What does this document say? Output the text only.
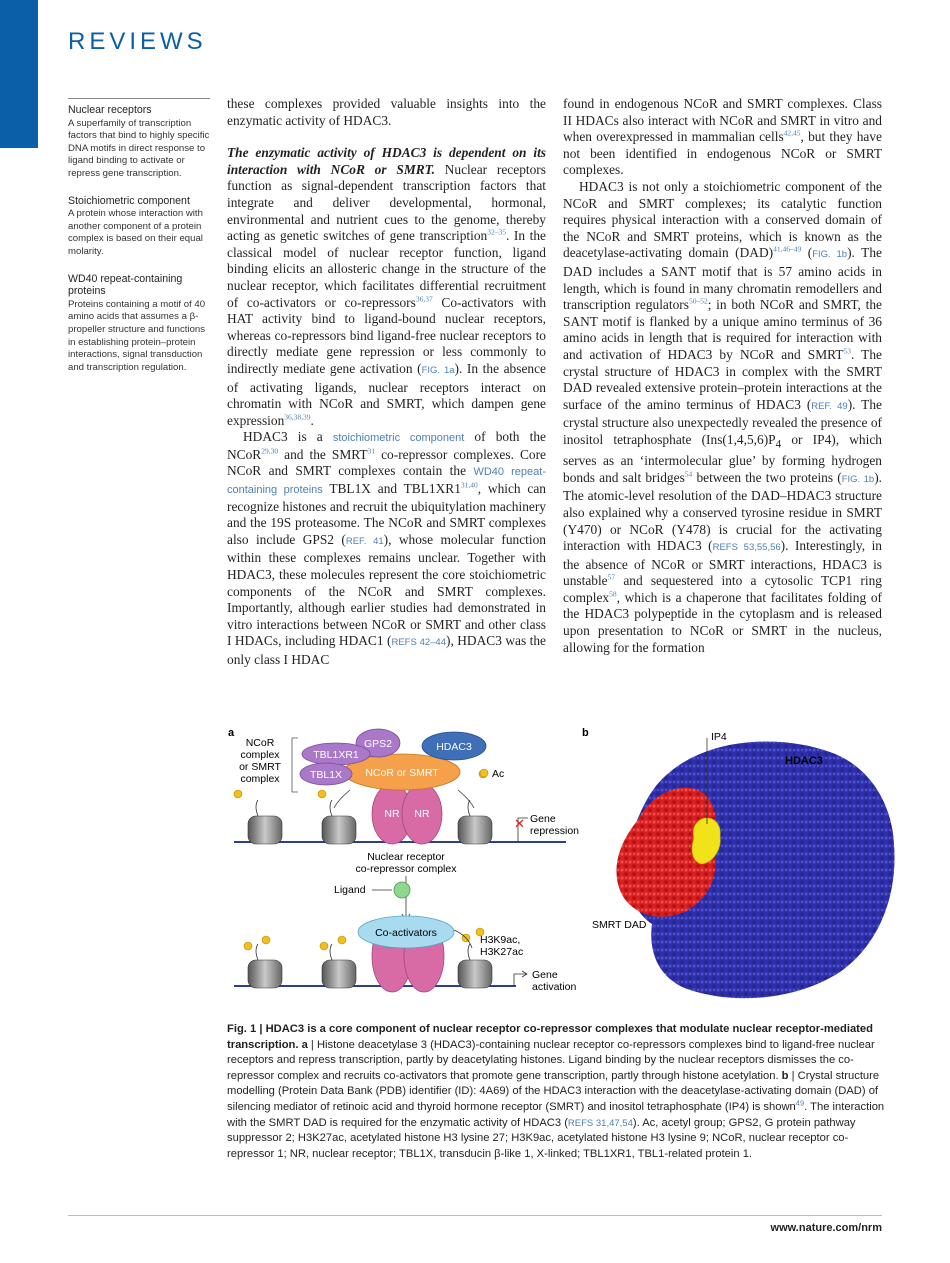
REVIEWS
Nuclear receptors
A superfamily of transcription factors that bind to highly specific DNA motifs in direct response to ligand binding to activate or repress gene transcription.
Stoichiometric component
A protein whose interaction with another component of a protein complex is based on their equal molarity.
WD40 repeat-containing proteins
Proteins containing a motif of 40 amino acids that assumes a β-propeller structure and functions in establishing protein–protein interactions, signal transduction and transcription regulation.

these complexes provided valuable insights into the enzymatic activity of HDAC3.

The enzymatic activity of HDAC3 is dependent on its interaction with NCoR or SMRT. Nuclear receptors function as signal-dependent transcription factors that integrate and deliver developmental, hormonal, environmental and nutrient cues to the genome, thereby acting as genetic switches of gene transcription$^{32-35}$. In the classical model of nuclear receptor function, ligand binding elicits an allosteric change in the structure of the nuclear receptor, which facilitates differential recruitment of co-activators or co-repressors$^{36,37}$ Co-activators with HAT activity bind to ligand-bound nuclear receptors, whereas co-repressors bind ligand-free nuclear receptors to directly mediate gene repression or less commonly to indirectly mediate gene activation (FIG. 1a). In the absence of activating ligands, nuclear receptors interact on chromatin with NCoR and SMRT, which dampen gene expression$^{36,38,39}$.

HDAC3 is a stoichiometric component of both the NCoR$^{29,30}$ and the SMRT$^{31}$ co-repressor complexes. Core NCoR and SMRT complexes contain the WD40 repeat-containing proteins TBL1X and TBL1XR1$^{31,40}$, which can recognize histones and recruit the ubiquitylation machinery and the 19S proteasome. The NCoR and SMRT complexes also include GPS2 (REF. 41), whose molecular function within these complexes remains unclear. Together with HDAC3, these molecules represent the core stoichiometric components of the NCoR and SMRT complexes. Importantly, although earlier studies had demonstrated in vitro interactions between NCoR or SMRT and other class I HDACs, including HDAC1 (REFS 42–44), HDAC3 was the only class I HDAC

found in endogenous NCoR and SMRT complexes. Class II HDACs also interact with NCoR and SMRT in vitro and when overexpressed in mammalian cells$^{42,45}$, but they have not been identified in endogenous NCoR or SMRT complexes.

HDAC3 is not only a stoichiometric component of the NCoR and SMRT complexes; its catalytic function requires physical interaction with a conserved domain of the NCoR and SMRT proteins, which is known as the deacetylase-activating domain (DAD)$^{41,46-49}$ (FIG. 1b). The DAD includes a SANT motif that is 57 amino acids in length, which is found in many chromatin remodellers and transcription regulators$^{50-52}$; in both NCoR and SMRT, the SANT motif is flanked by a unique amino terminus of 36 amino acids in length that is required for interaction with and activation of HDAC3 by NCoR and SMRT$^{53}$. The crystal structure of HDAC3 in complex with the SMRT DAD revealed extensive protein–protein interactions at the surface of the amino terminus of HDAC3 (REF. 49). The crystal structure also unexpectedly revealed the presence of inositol tetraphosphate ($Ins(1,4,5,6)P_4$ or IP4), which serves as an ‘intermolecular glue’ by forming hydrogen bonds and salt bridges$^{54}$ between the two proteins (FIG. 1b). The atomic-level resolution of the DAD–HDAC3 structure also explained why a conserved tyrosine residue in SMRT (Y470) or NCoR (Y478) is crucial for the activating interaction with HDAC3 (REFS 53,55,56). Interestingly, in the absence of NCoR or SMRT interactions, HDAC3 is unstable$^{57}$ and sequestered into a cytosolic TCP1 ring complex$^{58}$, which is a chaperone that facilitates folding of the HDAC3 polypeptide in the cytoplasm and is released upon presentation to NCoR or SMRT in the nucleus, allowing for the formation

a
NCoR
complex
or SMRT
complex
NR NR
NCoR or SMRT
GPS2	HDAC3
TBL1XR1
TBL1X	Ac
✕ Gene
repression
Nuclear receptor
co-repressor complex
Ligand
Co-activators
H3K9ac,
H3K27ac
Gene
activation
b	IP4
HDAC3
SMRT DAD
Fig. 1 | HDAC3 is a core component of nuclear receptor co-repressor complexes that modulate nuclear receptor-mediated transcription. a | Histone deacetylase 3 (HDAC3)-containing nuclear receptor co-repressors complexes bind to ligand-free nuclear receptors and repress transcription, partly by deacetylating histones. Ligand binding by the nuclear receptors dismisses the co-repressor complex and recruits co-activators that promote gene transcription, partly through histone acetylation. b | Crystal structure modelling (Protein Data Bank (PDB) identifier (ID): 4A69) of the HDAC3 interaction with the deacetylase-activating domain (DAD) of silencing mediator of retinoic acid and thyroid hormone receptor (SMRT) and inositol tetraphosphate (IP4) is shown$^{49}$. The interaction with the SMRT DAD is required for the enzymatic activity of HDAC3 (REFS 31,47,54). Ac, acetyl group; GPS2, G protein pathway suppressor 2; H3K27ac, acetylated histone H3 lysine 27; H3K9ac, acetylated histone H3 lysine 9; NCoR, nuclear receptor co-repressor 1; NR, nuclear receptor; TBL1X, transducin β-like 1, X-linked; TBL1XR1, TBL1-related protein 1.
www.nature.com/nrm
